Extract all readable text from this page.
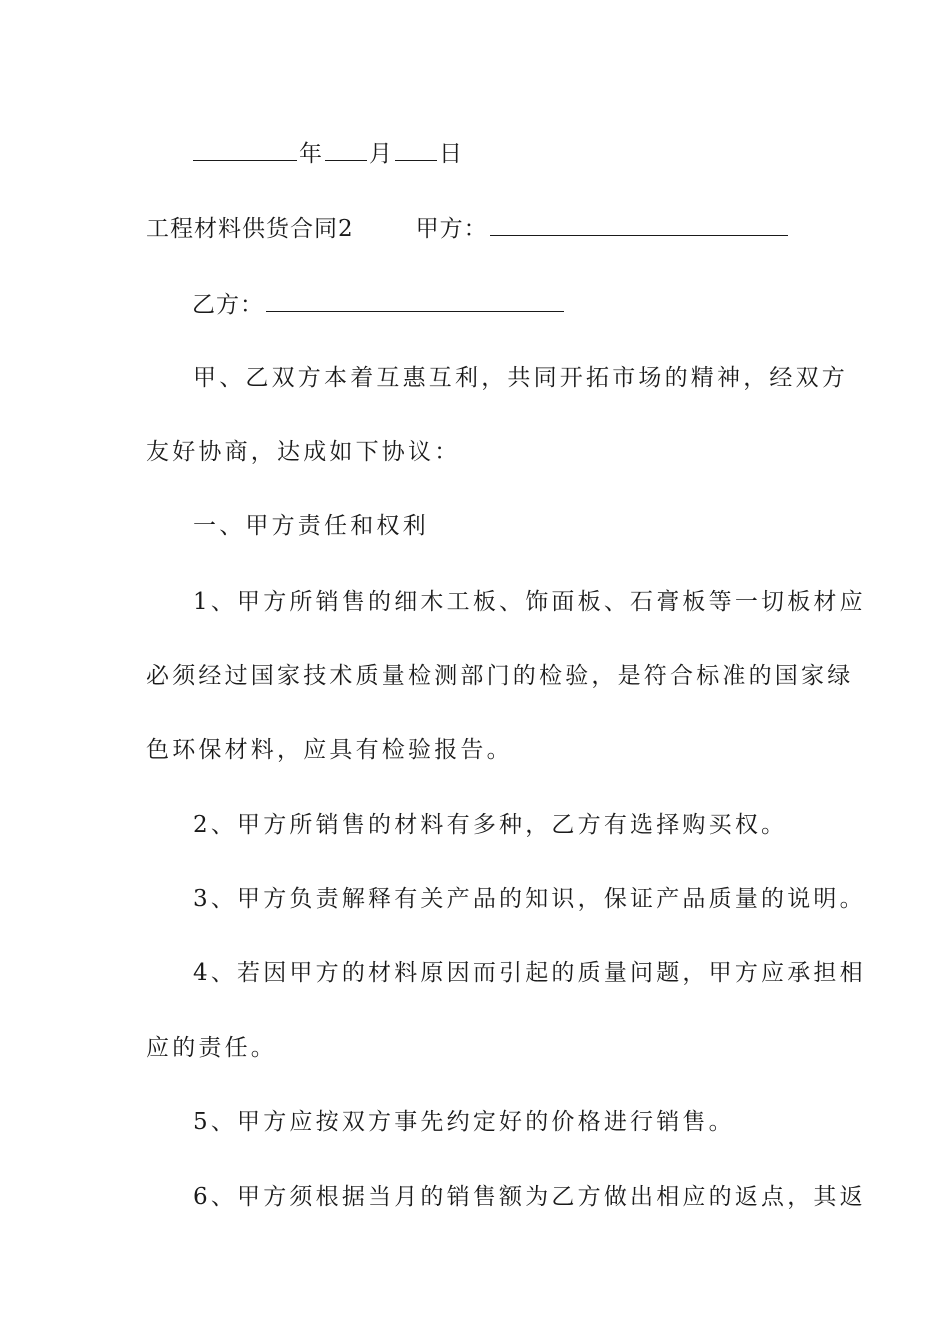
年 月 日
工程材料供货合同2	甲方：
乙方：
甲、乙双方本着互惠互利，共同开拓市场的精神，经双方
友好协商，达成如下协议：
一、甲方责任和权利
1、甲方所销售的细木工板、饰面板、石膏板等一切板材应
必须经过国家技术质量检测部门的检验，是符合标准的国家绿
色环保材料，应具有检验报告。
2、甲方所销售的材料有多种，乙方有选择购买权。
3、甲方负责解释有关产品的知识，保证产品质量的说明。
4、若因甲方的材料原因而引起的质量问题，甲方应承担相
应的责任。
5、甲方应按双方事先约定好的价格进行销售。
6、甲方须根据当月的销售额为乙方做出相应的返点，其返
